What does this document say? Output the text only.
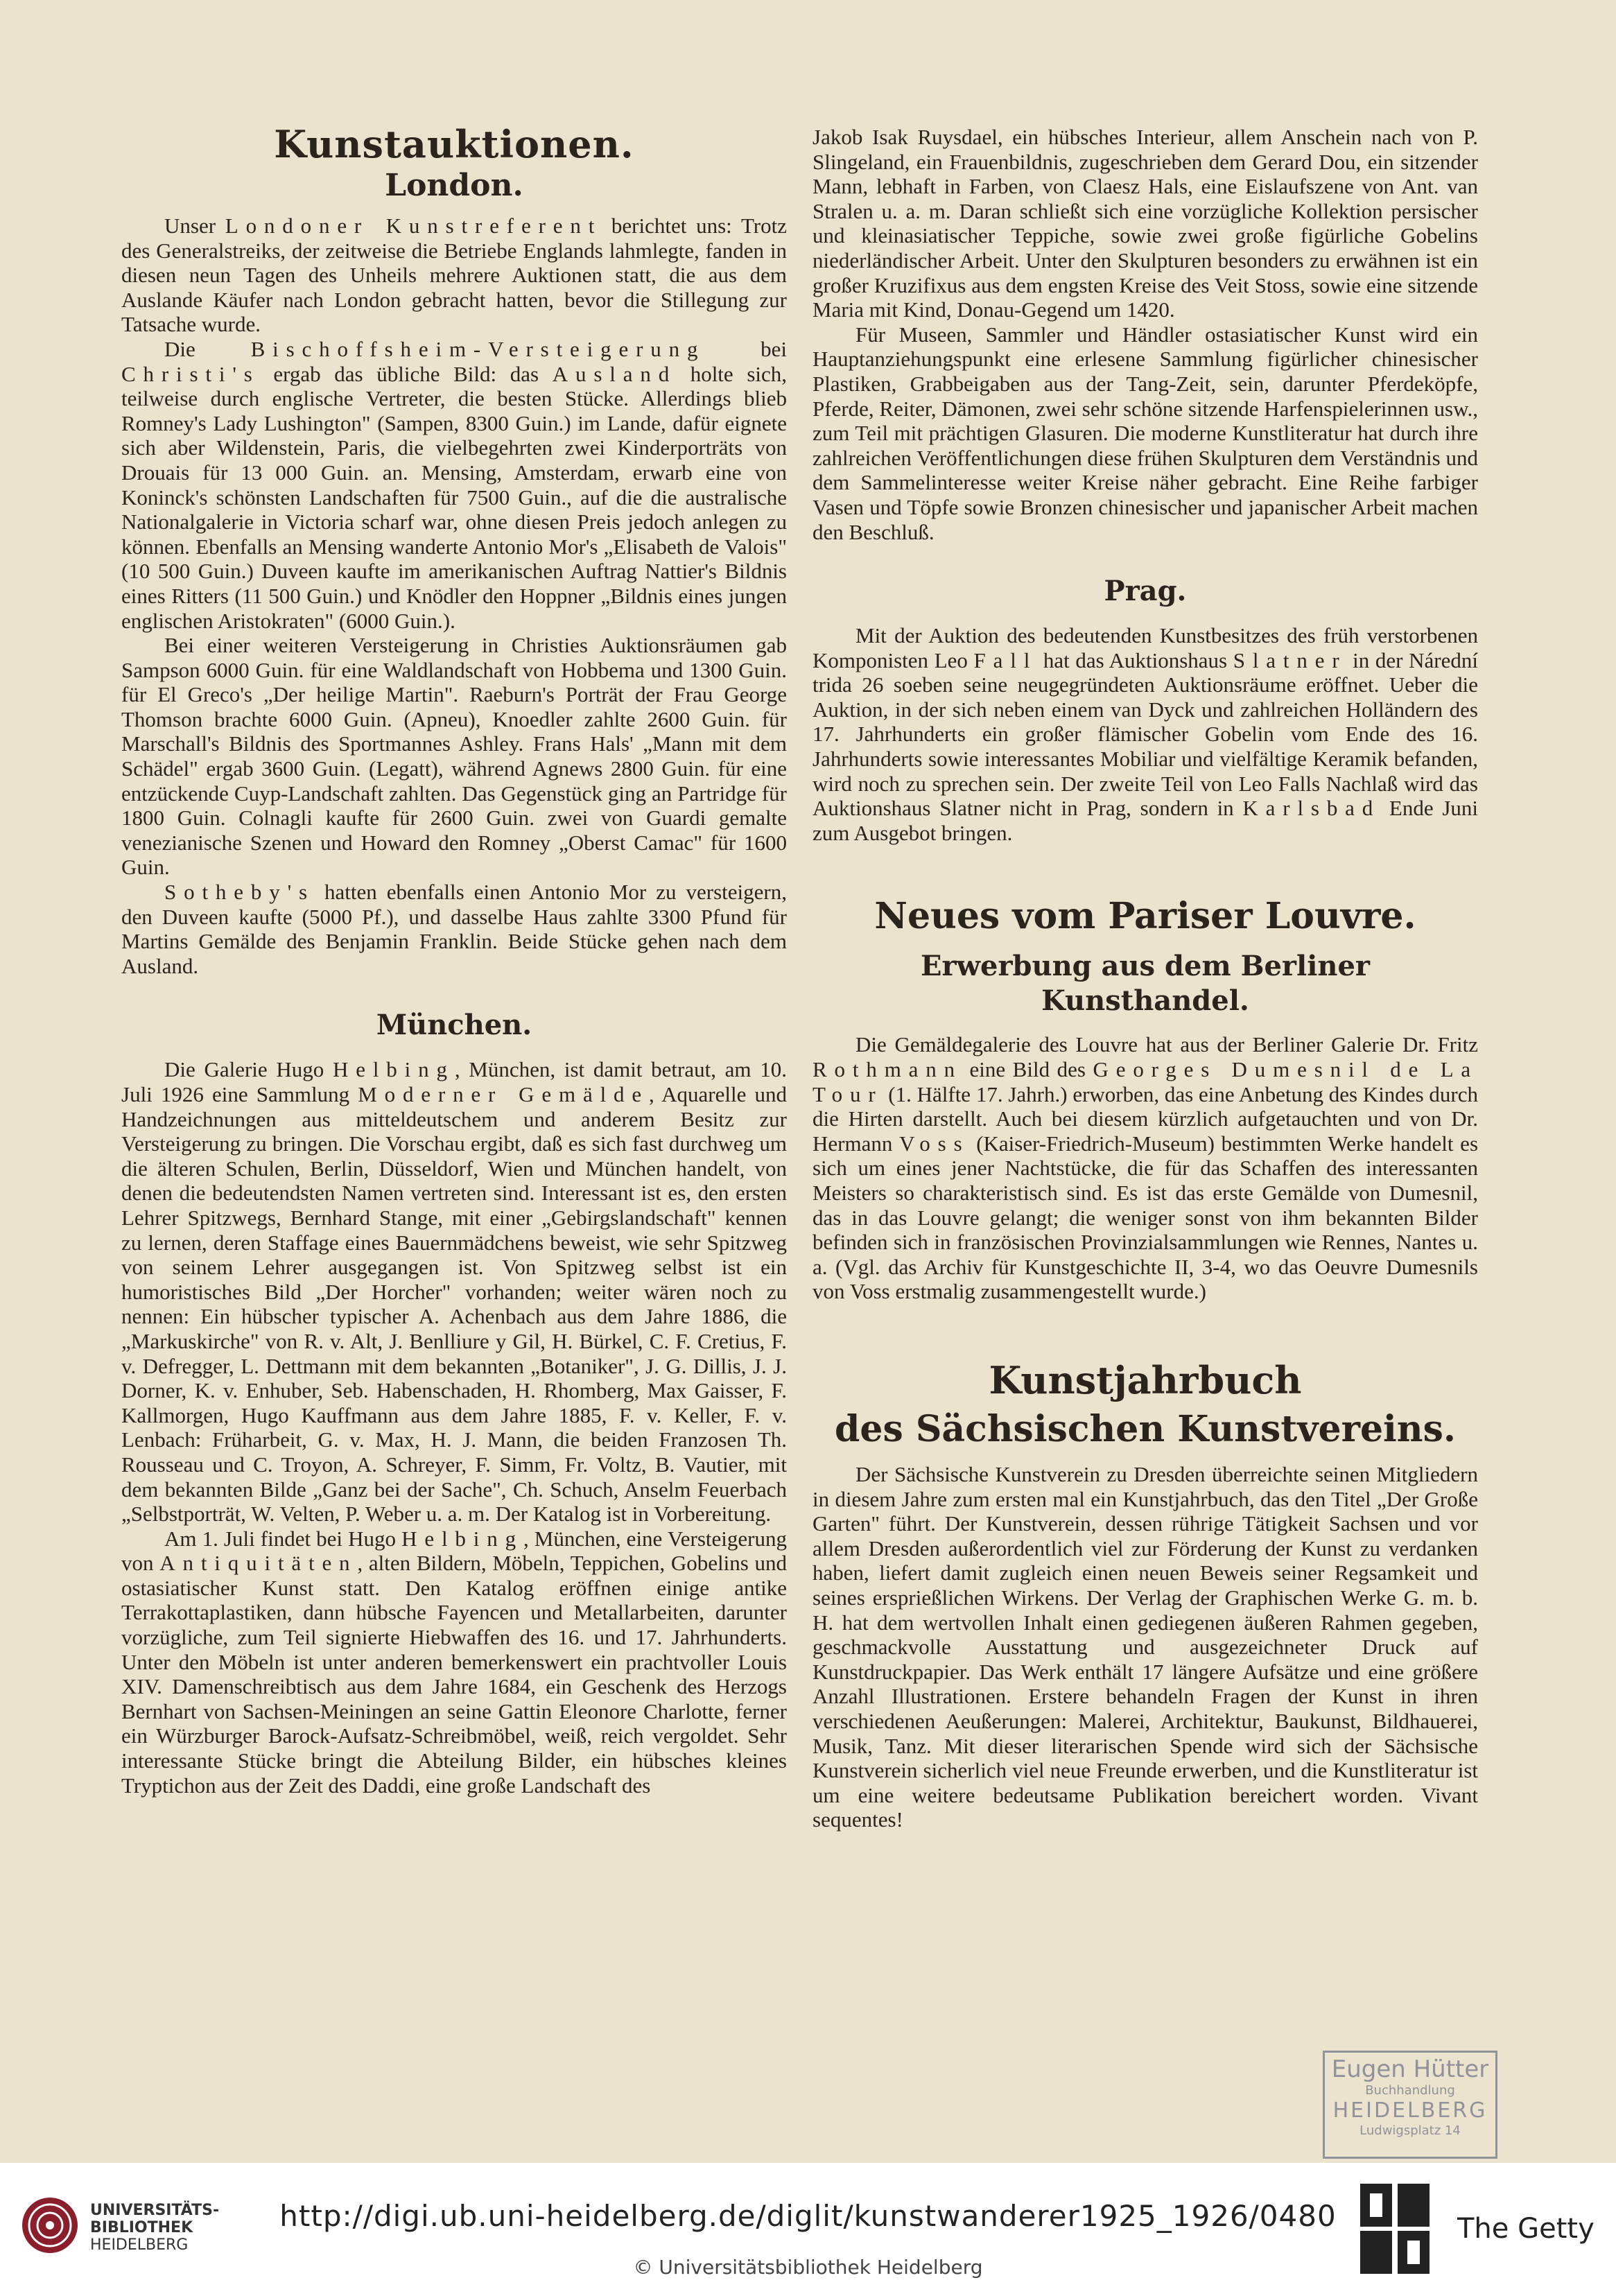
Kunstauktionen.
London.

Unser Londoner Kunstreferent berichtet uns: Trotz des Generalstreiks, der zeitweise die Betriebe Englands lahmlegte, fanden in diesen neun Tagen des Unheils mehrere Auktionen statt, die aus dem Auslande Käufer nach London gebracht hatten, bevor die Stillegung zur Tatsache wurde.

Die Bischoffsheim-Versteigerung bei Christi's ergab das übliche Bild: das Ausland holte sich, teilweise durch englische Vertreter, die besten Stücke. Allerdings blieb Romney's Lady Lushington" (Sampen, 8300 Guin.) im Lande, dafür eignete sich aber Wildenstein, Paris, die vielbegehrten zwei Kinderporträts von Drouais für 13 000 Guin. an. Mensing, Amsterdam, erwarb eine von Koninck's schönsten Landschaften für 7500 Guin., auf die die australische Nationalgalerie in Victoria scharf war, ohne diesen Preis jedoch anlegen zu können. Ebenfalls an Mensing wanderte Antonio Mor's „Elisabeth de Valois" (10 500 Guin.) Duveen kaufte im amerikanischen Auftrag Nattier's Bildnis eines Ritters (11 500 Guin.) und Knödler den Hoppner „Bildnis eines jungen englischen Aristokraten" (6000 Guin.).

Bei einer weiteren Versteigerung in Christies Auktionsräumen gab Sampson 6000 Guin. für eine Waldlandschaft von Hobbema und 1300 Guin. für El Greco's „Der heilige Martin". Raeburn's Porträt der Frau George Thomson brachte 6000 Guin. (Apneu), Knoedler zahlte 2600 Guin. für Marschall's Bildnis des Sportmannes Ashley. Frans Hals' „Mann mit dem Schädel" ergab 3600 Guin. (Legatt), während Agnews 2800 Guin. für eine entzückende Cuyp-Landschaft zahlten. Das Gegenstück ging an Partridge für 1800 Guin. Colnagli kaufte für 2600 Guin. zwei von Guardi gemalte venezianische Szenen und Howard den Romney „Oberst Camac" für 1600 Guin.

Sotheby's hatten ebenfalls einen Antonio Mor zu versteigern, den Duveen kaufte (5000 Pf.), und dasselbe Haus zahlte 3300 Pfund für Martins Gemälde des Benjamin Franklin. Beide Stücke gehen nach dem Ausland.

München.

Die Galerie Hugo Helbing, München, ist damit betraut, am 10. Juli 1926 eine Sammlung Moderner Gemälde, Aquarelle und Handzeichnungen aus mitteldeutschem und anderem Besitz zur Versteigerung zu bringen. Die Vorschau ergibt, daß es sich fast durchweg um die älteren Schulen, Berlin, Düsseldorf, Wien und München handelt, von denen die bedeutendsten Namen vertreten sind. Interessant ist es, den ersten Lehrer Spitzwegs, Bernhard Stange, mit einer „Gebirgslandschaft" kennen zu lernen, deren Staffage eines Bauernmädchens beweist, wie sehr Spitzweg von seinem Lehrer ausgegangen ist. Von Spitzweg selbst ist ein humoristisches Bild „Der Horcher" vorhanden; weiter wären noch zu nennen: Ein hübscher typischer A. Achenbach aus dem Jahre 1886, die „Markuskirche" von R. v. Alt, J. Benlliure y Gil, H. Bürkel, C. F. Cretius, F. v. Defregger, L. Dettmann mit dem bekannten „Botaniker", J. G. Dillis, J. J. Dorner, K. v. Enhuber, Seb. Habenschaden, H. Rhomberg, Max Gaisser, F. Kallmorgen, Hugo Kauffmann aus dem Jahre 1885, F. v. Keller, F. v. Lenbach: Früharbeit, G. v. Max, H. J. Mann, die beiden Franzosen Th. Rousseau und C. Troyon, A. Schreyer, F. Simm, Fr. Voltz, B. Vautier, mit dem bekannten Bilde „Ganz bei der Sache", Ch. Schuch, Anselm Feuerbach „Selbstporträt, W. Velten, P. Weber u. a. m. Der Katalog ist in Vorbereitung.

Am 1. Juli findet bei Hugo Helbing, München, eine Versteigerung von Antiquitäten, alten Bildern, Möbeln, Teppichen, Gobelins und ostasiatischer Kunst statt. Den Katalog eröffnen einige antike Terrakottaplastiken, dann hübsche Fayencen und Metallarbeiten, darunter vorzügliche, zum Teil signierte Hiebwaffen des 16. und 17. Jahrhunderts. Unter den Möbeln ist unter anderen bemerkenswert ein prachtvoller Louis XIV. Damenschreibtisch aus dem Jahre 1684, ein Geschenk des Herzogs Bernhart von Sachsen-Meiningen an seine Gattin Eleonore Charlotte, ferner ein Würzburger Barock-Aufsatz-Schreibmöbel, weiß, reich vergoldet. Sehr interessante Stücke bringt die Abteilung Bilder, ein hübsches kleines Tryptichon aus der Zeit des Daddi, eine große Landschaft des

Jakob Isak Ruysdael, ein hübsches Interieur, allem Anschein nach von P. Slingeland, ein Frauenbildnis, zugeschrieben dem Gerard Dou, ein sitzender Mann, lebhaft in Farben, von Claesz Hals, eine Eislaufszene von Ant. van Stralen u. a. m. Daran schließt sich eine vorzügliche Kollektion persischer und kleinasiatischer Teppiche, sowie zwei große figürliche Gobelins niederländischer Arbeit. Unter den Skulpturen besonders zu erwähnen ist ein großer Kruzifixus aus dem engsten Kreise des Veit Stoss, sowie eine sitzende Maria mit Kind, Donau-Gegend um 1420.

Für Museen, Sammler und Händler ostasiatischer Kunst wird ein Hauptanziehungspunkt eine erlesene Sammlung figürlicher chinesischer Plastiken, Grabbeigaben aus der Tang-Zeit, sein, darunter Pferdeköpfe, Pferde, Reiter, Dämonen, zwei sehr schöne sitzende Harfenspielerinnen usw., zum Teil mit prächtigen Glasuren. Die moderne Kunstliteratur hat durch ihre zahlreichen Veröffentlichungen diese frühen Skulpturen dem Verständnis und dem Sammelinteresse weiter Kreise näher gebracht. Eine Reihe farbiger Vasen und Töpfe sowie Bronzen chinesischer und japanischer Arbeit machen den Beschluß.

Prag.

Mit der Auktion des bedeutenden Kunstbesitzes des früh verstorbenen Komponisten Leo Fall hat das Auktionshaus Slatner in der Nárední trida 26 soeben seine neugegründeten Auktionsräume eröffnet. Ueber die Auktion, in der sich neben einem van Dyck und zahlreichen Holländern des 17. Jahrhunderts ein großer flämischer Gobelin vom Ende des 16. Jahrhunderts sowie interessantes Mobiliar und vielfältige Keramik befanden, wird noch zu sprechen sein. Der zweite Teil von Leo Falls Nachlaß wird das Auktionshaus Slatner nicht in Prag, sondern in Karlsbad Ende Juni zum Ausgebot bringen.

Neues vom Pariser Louvre.
Erwerbung aus dem Berliner Kunsthandel.

Die Gemäldegalerie des Louvre hat aus der Berliner Galerie Dr. Fritz Rothmann eine Bild des Georges Dumesnil de La Tour (1. Hälfte 17. Jahrh.) erworben, das eine Anbetung des Kindes durch die Hirten darstellt. Auch bei diesem kürzlich aufgetauchten und von Dr. Hermann Voss (Kaiser-Friedrich-Museum) bestimmten Werke handelt es sich um eines jener Nachtstücke, die für das Schaffen des interessanten Meisters so charakteristisch sind. Es ist das erste Gemälde von Dumesnil, das in das Louvre gelangt; die weniger sonst von ihm bekannten Bilder befinden sich in französischen Provinzialsammlungen wie Rennes, Nantes u. a. (Vgl. das Archiv für Kunstgeschichte II, 3-4, wo das Oeuvre Dumesnils von Voss erstmalig zusammengestellt wurde.)

Kunstjahrbuch
des Sächsischen Kunstvereins.

Der Sächsische Kunstverein zu Dresden überreichte seinen Mitgliedern in diesem Jahre zum ersten mal ein Kunstjahrbuch, das den Titel „Der Große Garten" führt. Der Kunstverein, dessen rührige Tätigkeit Sachsen und vor allem Dresden außerordentlich viel zur Förderung der Kunst zu verdanken haben, liefert damit zugleich einen neuen Beweis seiner Regsamkeit und seines ersprießlichen Wirkens. Der Verlag der Graphischen Werke G. m. b. H. hat dem wertvollen Inhalt einen gediegenen äußeren Rahmen gegeben, geschmackvolle Ausstattung und ausgezeichneter Druck auf Kunstdruckpapier. Das Werk enthält 17 längere Aufsätze und eine größere Anzahl Illustrationen. Erstere behandeln Fragen der Kunst in ihren verschiedenen Aeußerungen: Malerei, Architektur, Baukunst, Bildhauerei, Musik, Tanz. Mit dieser literarischen Spende wird sich der Sächsische Kunstverein sicherlich viel neue Freunde erwerben, und die Kunstliteratur ist um eine weitere bedeutsame Publikation bereichert worden. Vivant sequentes!

Eugen Hütter
Buchhandlung
HEIDELBERG
Ludwigsplatz 14
UNIVERSITÄTS-
BIBLIOTHEK
HEIDELBERG
http://digi.ub.uni-heidelberg.de/diglit/kunstwanderer1925_1926/0480
© Universitätsbibliothek Heidelberg
The Getty
